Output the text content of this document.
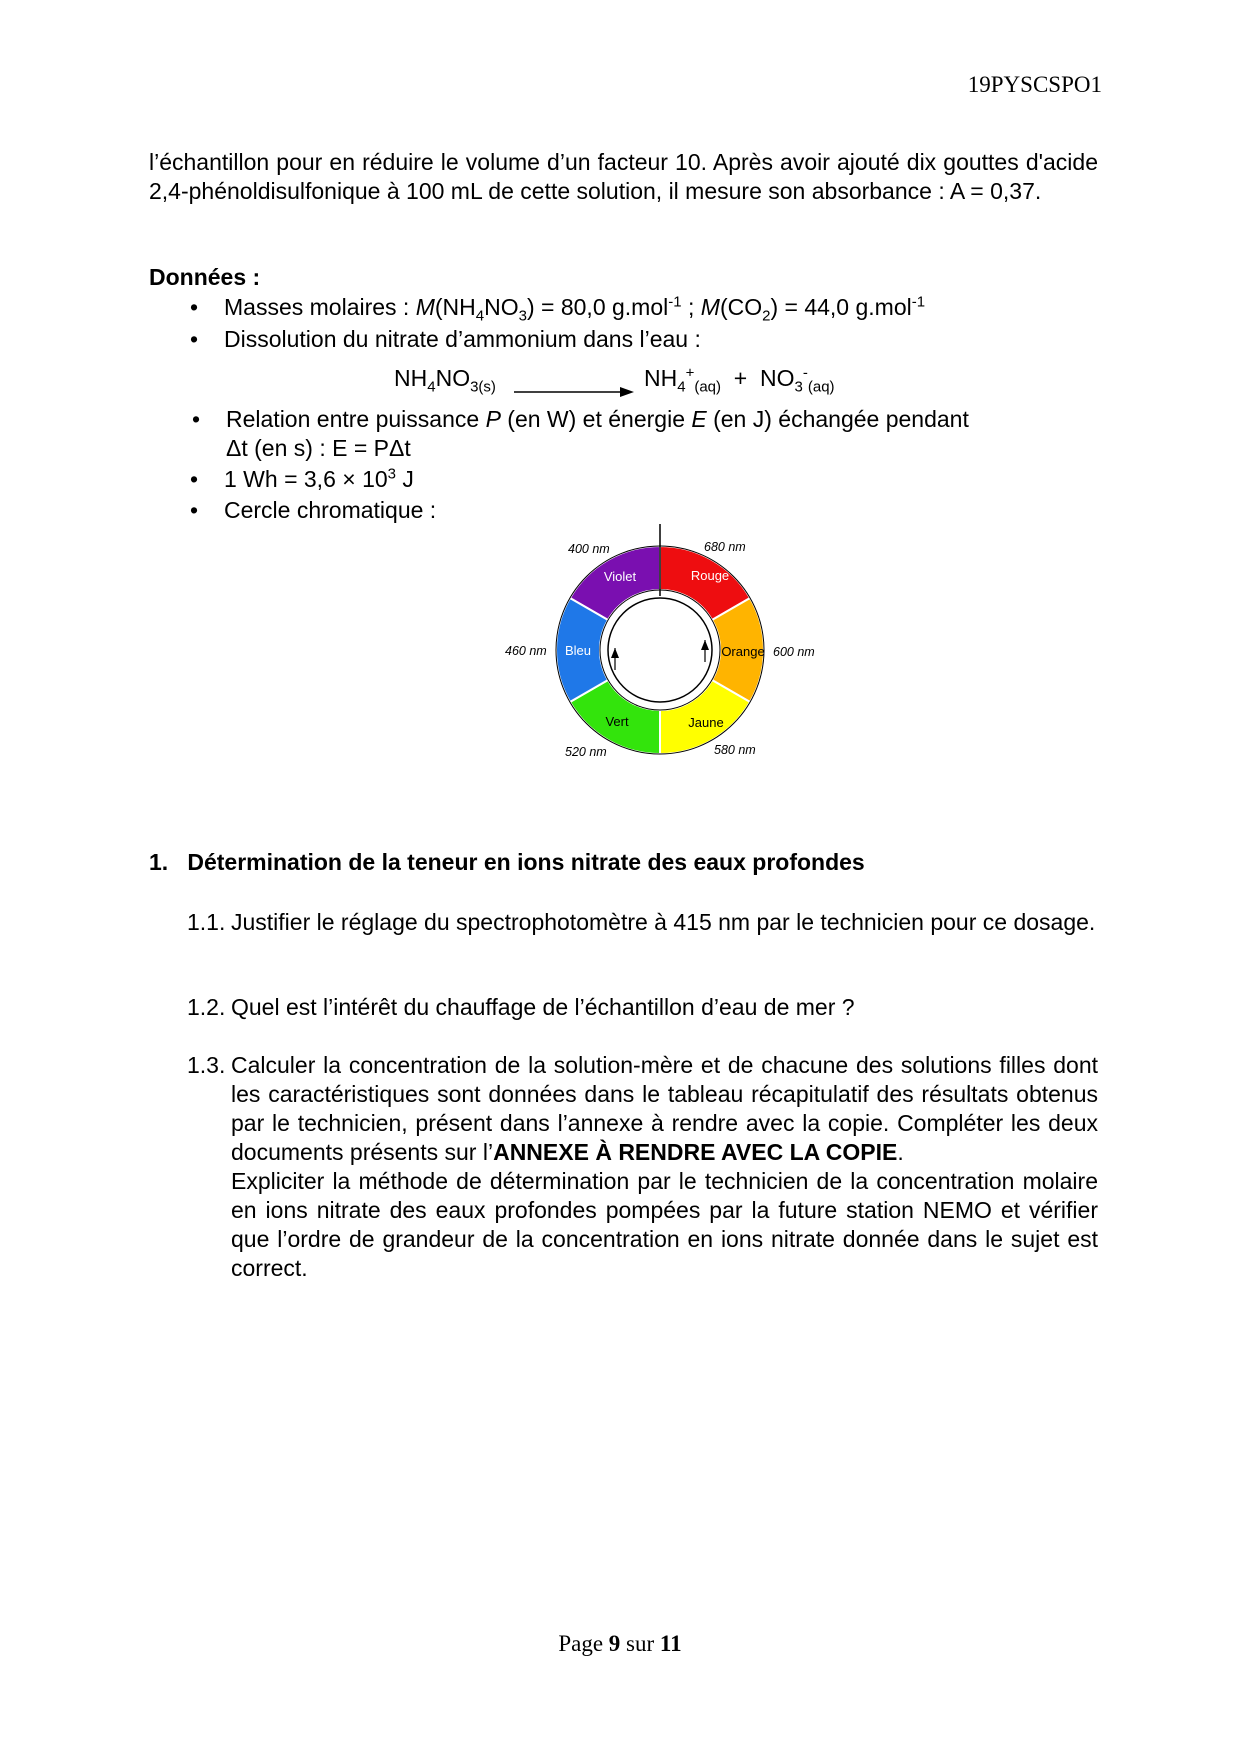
19PYSCSPO1
l’échantillon pour en réduire le volume d’un facteur 10. Après avoir ajouté dix gouttes d'acide 2,4-phénoldisulfonique à 100 mL de cette solution, il mesure son absorbance : A = 0,37.
Données :
• Masses molaires : $M(NH_4NO_3) = 80,0$ g.mol$^{-1}$ ; $M(CO_2) = 44,0$ g.mol$^{-1}$
• Dissolution du nitrate d’ammonium dans l’eau :
$NH_4NO_{3(s)}$	$NH_4^+_{(aq)} + NO_3^-_{(aq)}$
• Relation entre puissance P (en W) et énergie E (en J) échangée pendant
Δt (en s) : E = PΔt
• 1 $Wh = 3,6 \times 10^3$ J
• Cercle chromatique :
Violet	Rouge
Orange
Jaune
Vert
Bleu
400 nm	680 nm
600 nm
580 nm
520 nm
460 nm
1.   Détermination de la teneur en ions nitrate des eaux profondes
1.1. Justifier le réglage du spectrophotomètre à 415 nm par le technicien pour ce dosage.
1.2. Quel est l’intérêt du chauffage de l’échantillon d’eau de mer ?
1.3. Calculer la concentration de la solution-mère et de chacune des solutions filles dont les caractéristiques sont données dans le tableau récapitulatif des résultats obtenus par le technicien, présent dans l’annexe à rendre avec la copie. Compléter les deux documents présents sur l’ANNEXE À RENDRE AVEC LA COPIE.
Expliciter la méthode de détermination par le technicien de la concentration molaire en ions nitrate des eaux profondes pompées par la future station NEMO et vérifier que l’ordre de grandeur de la concentration en ions nitrate donnée dans le sujet est correct.
Page 9 sur 11
